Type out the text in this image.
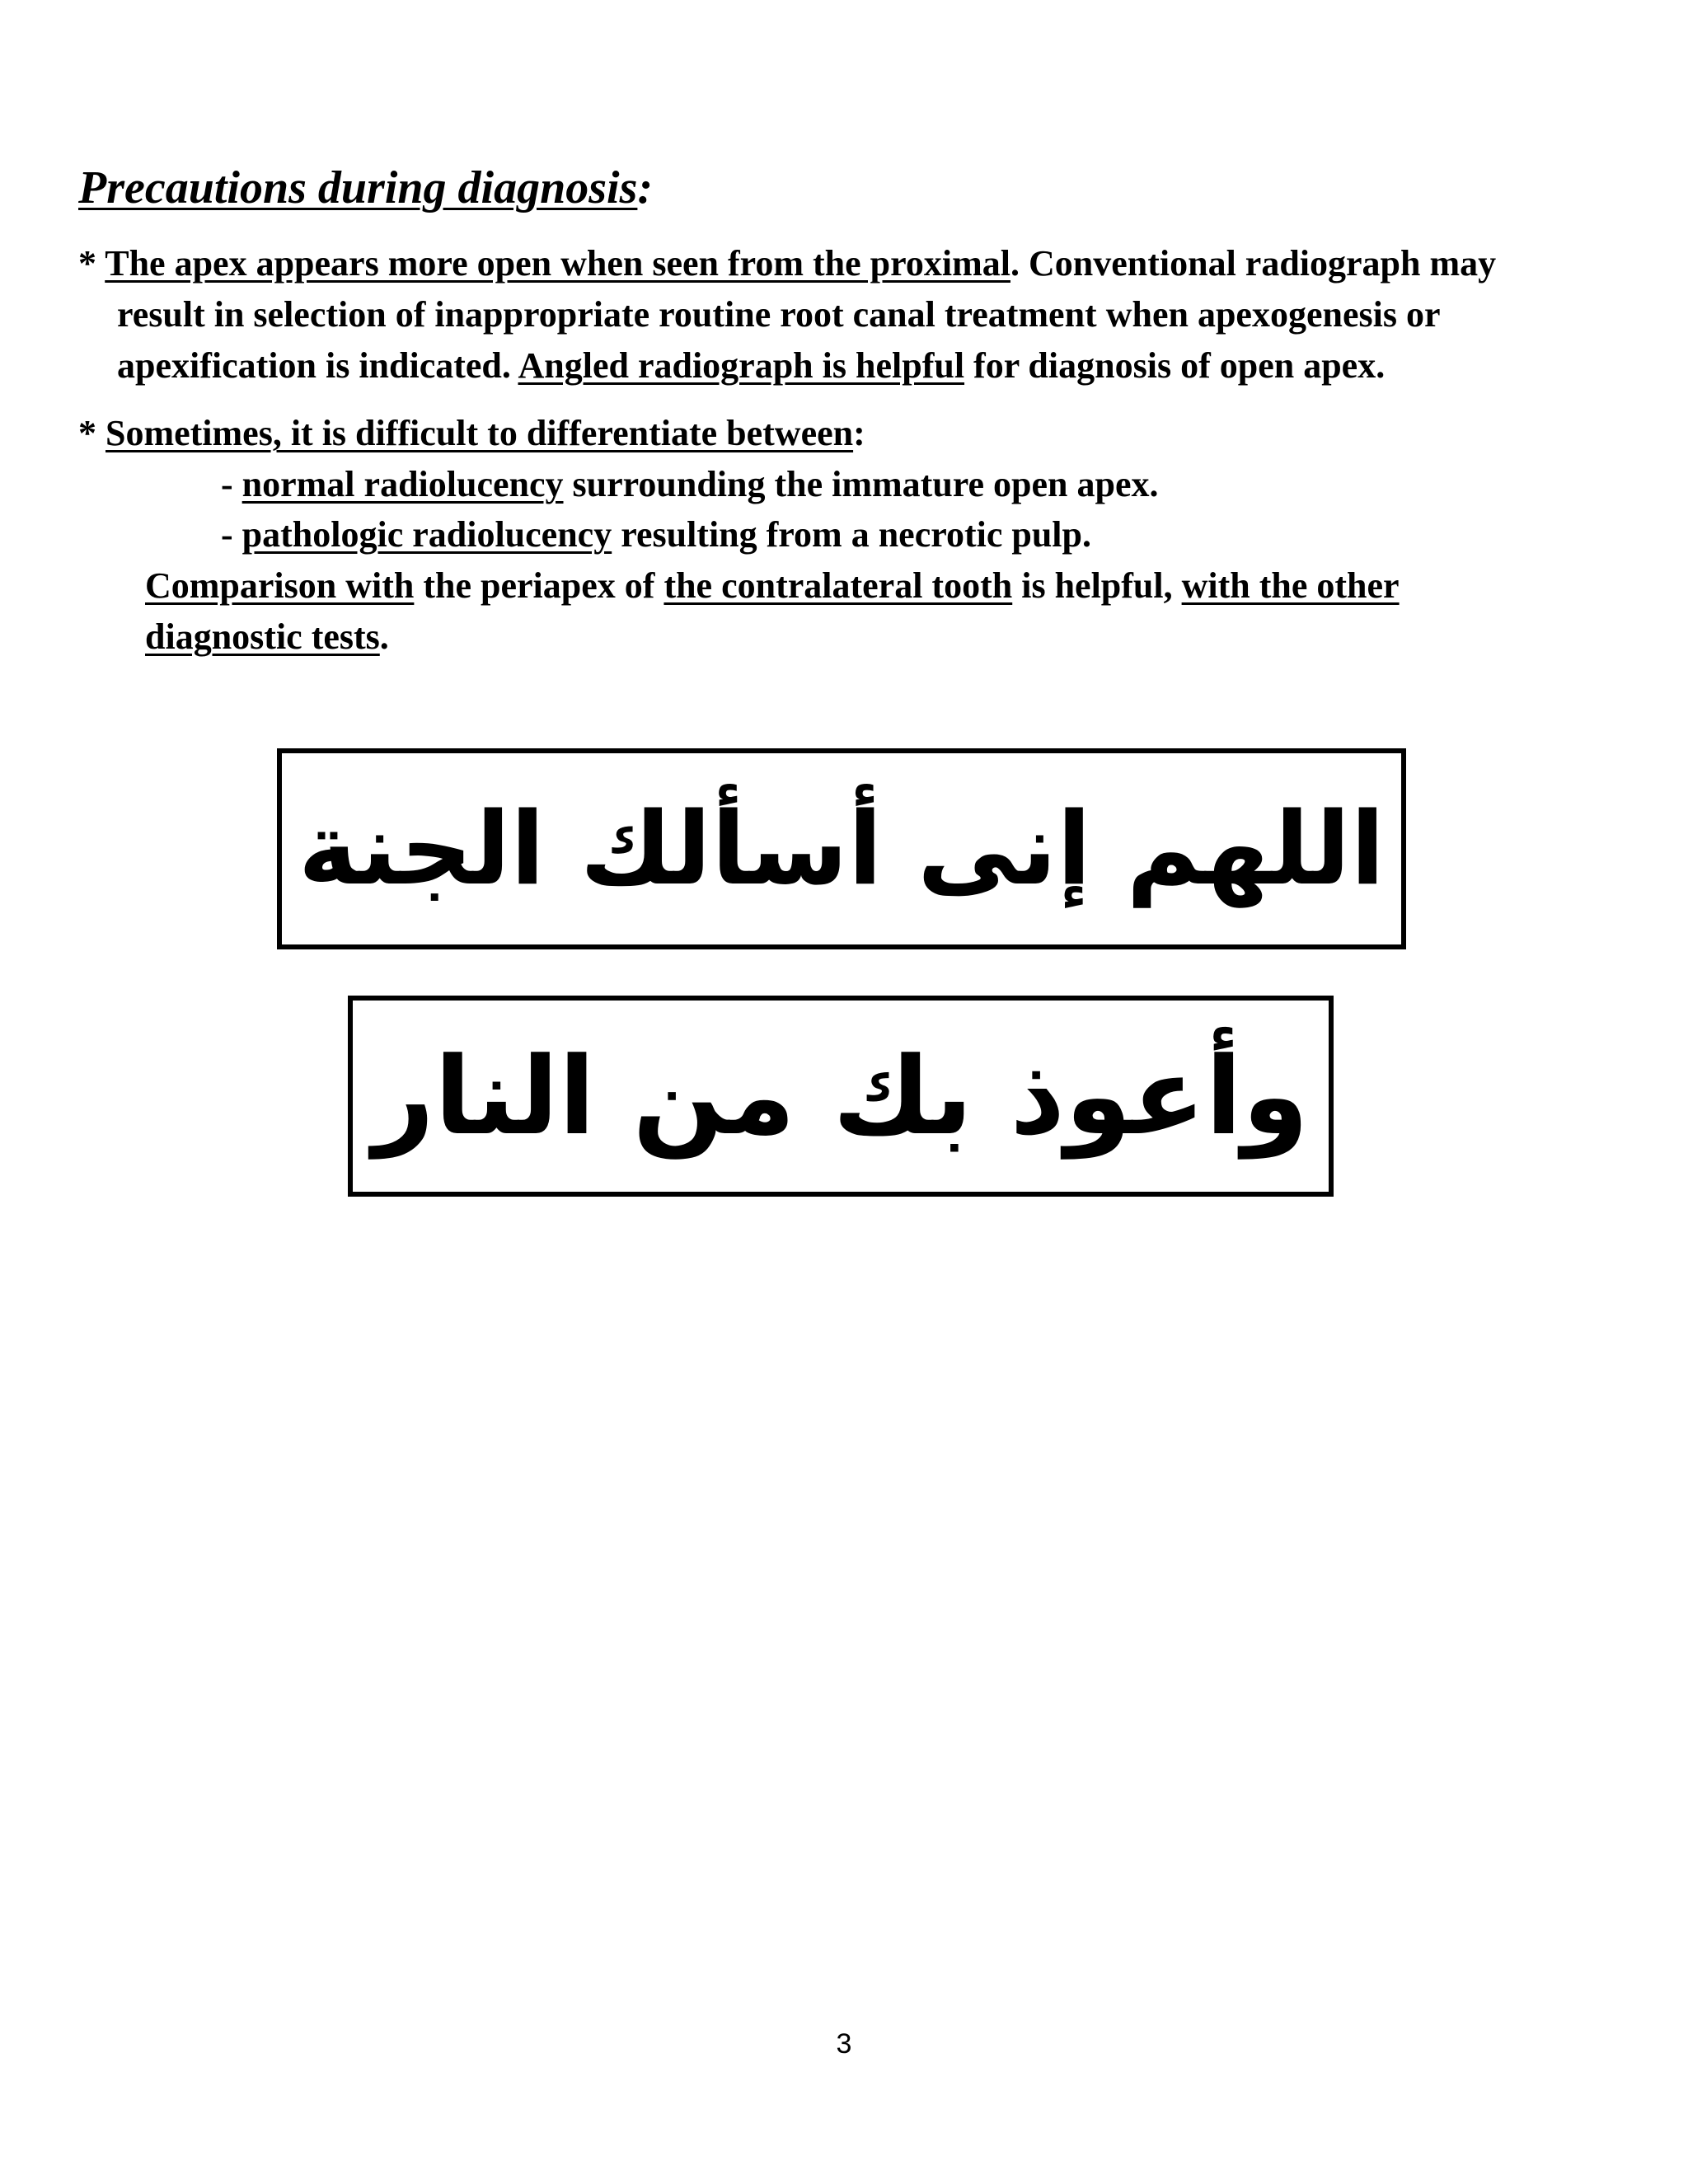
Precautions during diagnosis:
* The apex appears more open when seen from the proximal. Conventional radiograph may
result in selection of inappropriate routine root canal treatment when apexogenesis or
apexification is indicated. Angled radiograph is helpful for diagnosis of open apex.
* Sometimes, it is difficult to differentiate between:
- normal radiolucency surrounding the immature open apex.
- pathologic radiolucency resulting from a necrotic pulp.
Comparison with the periapex of the contralateral tooth is helpful, with the other
diagnostic tests.
اللهم إنى أسألك الجنة
وأعوذ بك من النار
3
